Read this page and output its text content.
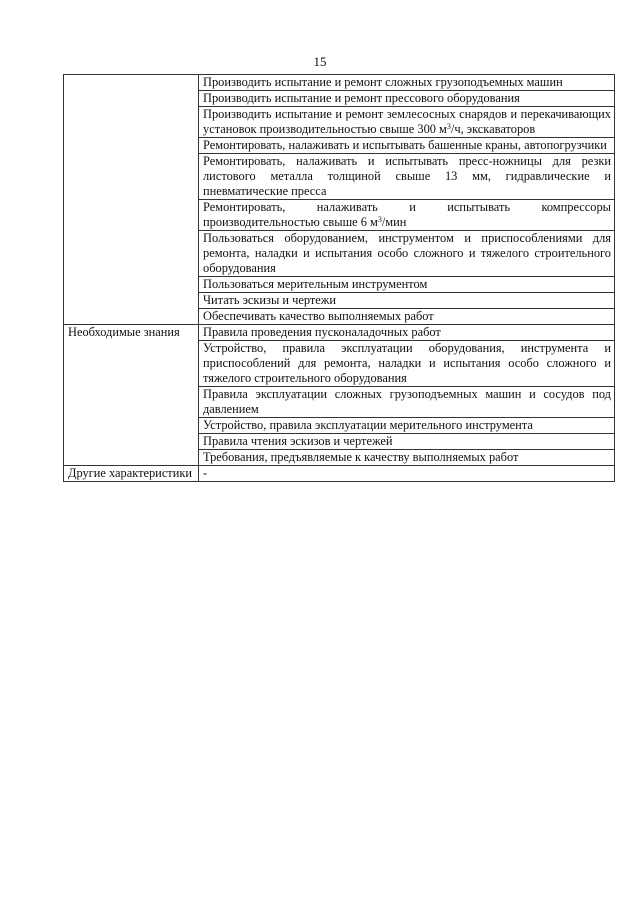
15
	Производить испытание и ремонт сложных грузоподъемных машин
	Производить испытание и ремонт прессового оборудования
	Производить испытание и ремонт землесосных снарядов и перекачивающих установок производительностью свыше 300 $м^3/ч$, экскаваторов
	Ремонтировать, налаживать и испытывать башенные краны, автопогрузчики
	Ремонтировать, налаживать и испытывать пресс-ножницы для резки листового металла толщиной свыше 13 мм, гидравлические и пневматические пресса
	Ремонтировать, налаживать и испытывать компрессоры производительностью свыше 6 $м^3$/мин
	Пользоваться оборудованием, инструментом и приспособлениями для ремонта, наладки и испытания особо сложного и тяжелого строительного оборудования
	Пользоваться мерительным инструментом
	Читать эскизы и чертежи
	Обеспечивать качество выполняемых работ
Необходимые знания	Правила проведения пусконаладочных работ
	Устройство, правила эксплуатации оборудования, инструмента и приспособлений для ремонта, наладки и испытания особо сложного и тяжелого строительного оборудования
	Правила эксплуатации сложных грузоподъемных машин и сосудов под давлением
	Устройство, правила эксплуатации мерительного инструмента
	Правила чтения эскизов и чертежей
	Требования, предъявляемые к качеству выполняемых работ
Другие характеристики	-
